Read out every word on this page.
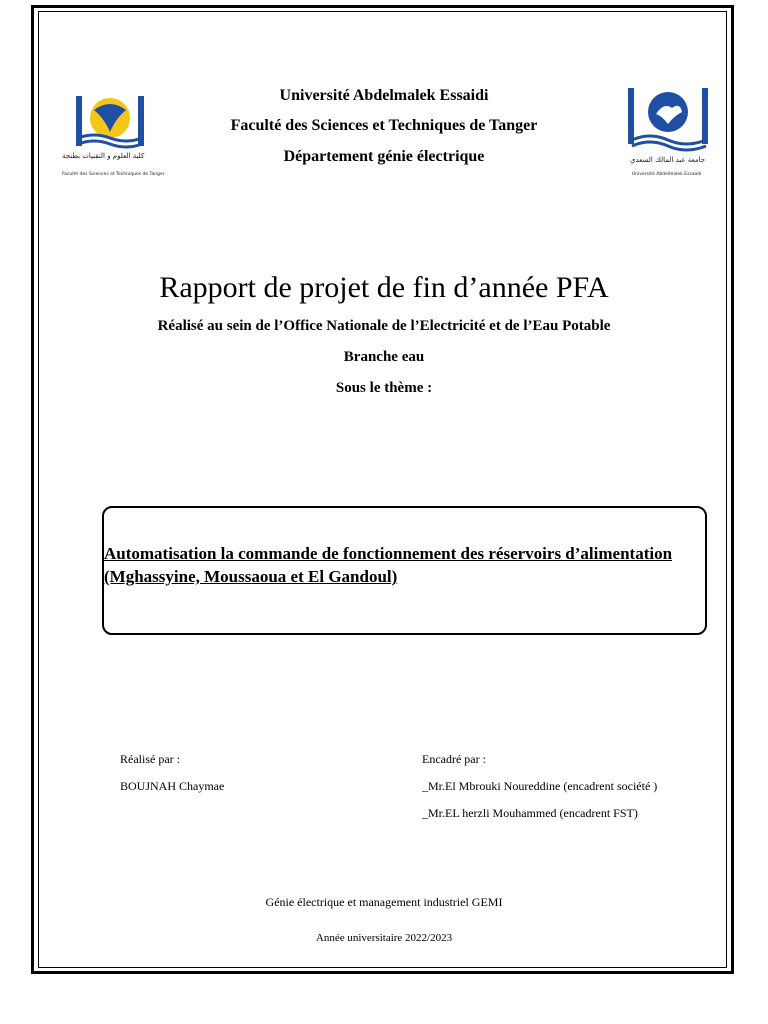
كلية العلوم و التقنيات بطنجة
Faculté des Sciences et Techniques de Tanger
جامعة عبد المالك السعدي
Université Abdelmalek Essaadi
Université Abdelmalek Essaidi
Faculté des Sciences et Techniques de Tanger
Département génie électrique
Rapport de projet de fin d’année PFA
Réalisé au sein de l’Office Nationale de l’Electricité et de l’Eau Potable
Branche eau
Sous le thème :
Automatisation la commande de fonctionnement des réservoirs d’alimentation (Mghassyine, Moussaoua et El Gandoul)
Réalisé par :
BOUJNAH Chaymae
Encadré par :
_Mr.El Mbrouki Noureddine (encadrent société )
_Mr.EL herzli Mouhammed (encadrent FST)
Génie électrique et management industriel GEMI
Année universitaire 2022/2023
